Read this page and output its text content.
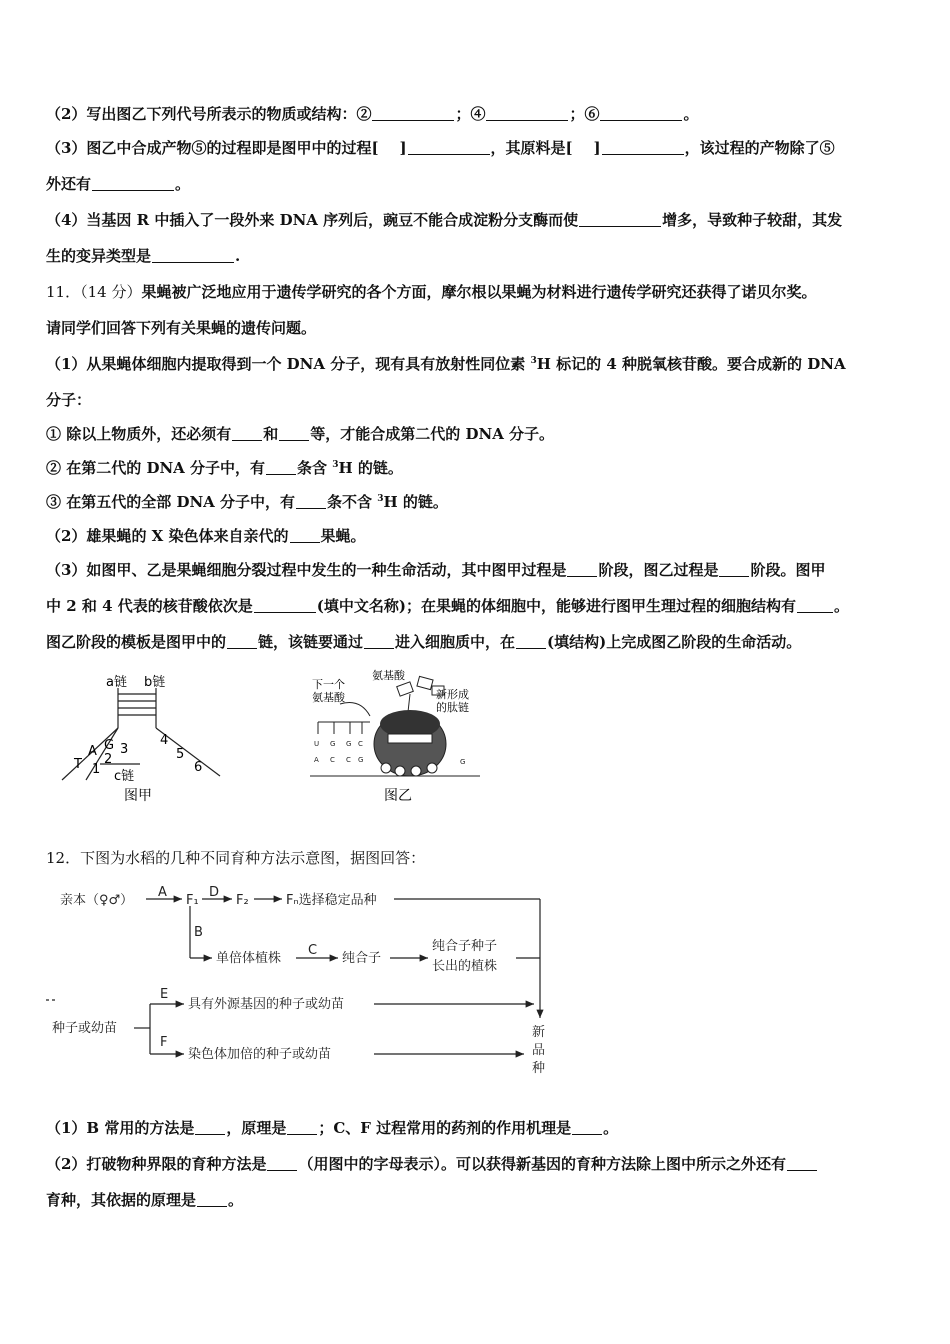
（2）写出图乙下列代号所表示的物质或结构：②	；④	；⑥	。
（3）图乙中合成产物⑤的过程即是图甲中的过程[ ]	，其原料是[ ]	，该过程的产物除了⑤
外还有	。
（4）当基因 R 中插入了一段外来 DNA 序列后，豌豆不能合成淀粉分支酶而使	增多，导致种子较甜，其发
生的变异类型是	.
11．（14 分）果蝇被广泛地应用于遗传学研究的各个方面，摩尔根以果蝇为材料进行遗传学研究还获得了诺贝尔奖。
请同学们回答下列有关果蝇的遗传问题。
（1）从果蝇体细胞内提取得到一个 DNA 分子，现有具有放射性同位素 $^3$H 标记的 4 种脱氧核苷酸。要合成新的 DNA
分子：
① 除以上物质外，还必须有 和 等，才能合成第二代的 DNA 分子。
② 在第二代的 DNA 分子中，有 条含 $^3$H 的链。
③ 在第五代的全部 DNA 分子中，有 条不含 $^3$H 的链。
（2）雄果蝇的 X 染色体来自亲代的 果蝇。
（3）如图甲、乙是果蝇细胞分裂过程中发生的一种生命活动，其中图甲过程是 阶段，图乙过程是 阶段。图甲
中 2 和 4 代表的核苷酸依次是	(填中文名称)；在果蝇的体细胞中，能够进行图甲生理过程的细胞结构有	。
图乙阶段的模板是图甲中的 链，该链要通过 进入细胞质中，在 (填结构)上完成图乙阶段的生命活动。
a链 b链
G 3
A
2
T 1 c链
4
5
6
图甲
下一个
氨基酸
氨基酸
新形成
的肽链
U G G C
A C C G	G
图乙
12．下图为水稻的几种不同育种方法示意图，据图回答：
亲本（♀♂）
A
F₁
D
F₂	Fₙ选择稳定品种
B
单倍体植株
C
纯合子
纯合子种子
长出的植株
E
具有外源基因的种子或幼苗
种子或幼苗
F
染色体加倍的种子或幼苗
新
品
种
（1）B 常用的方法是 ，原理是 ；C、F 过程常用的药剂的作用机理是 。
（2）打破物种界限的育种方法是 （用图中的字母表示）。可以获得新基因的育种方法除上图中所示之外还有
育种，其依据的原理是 。
